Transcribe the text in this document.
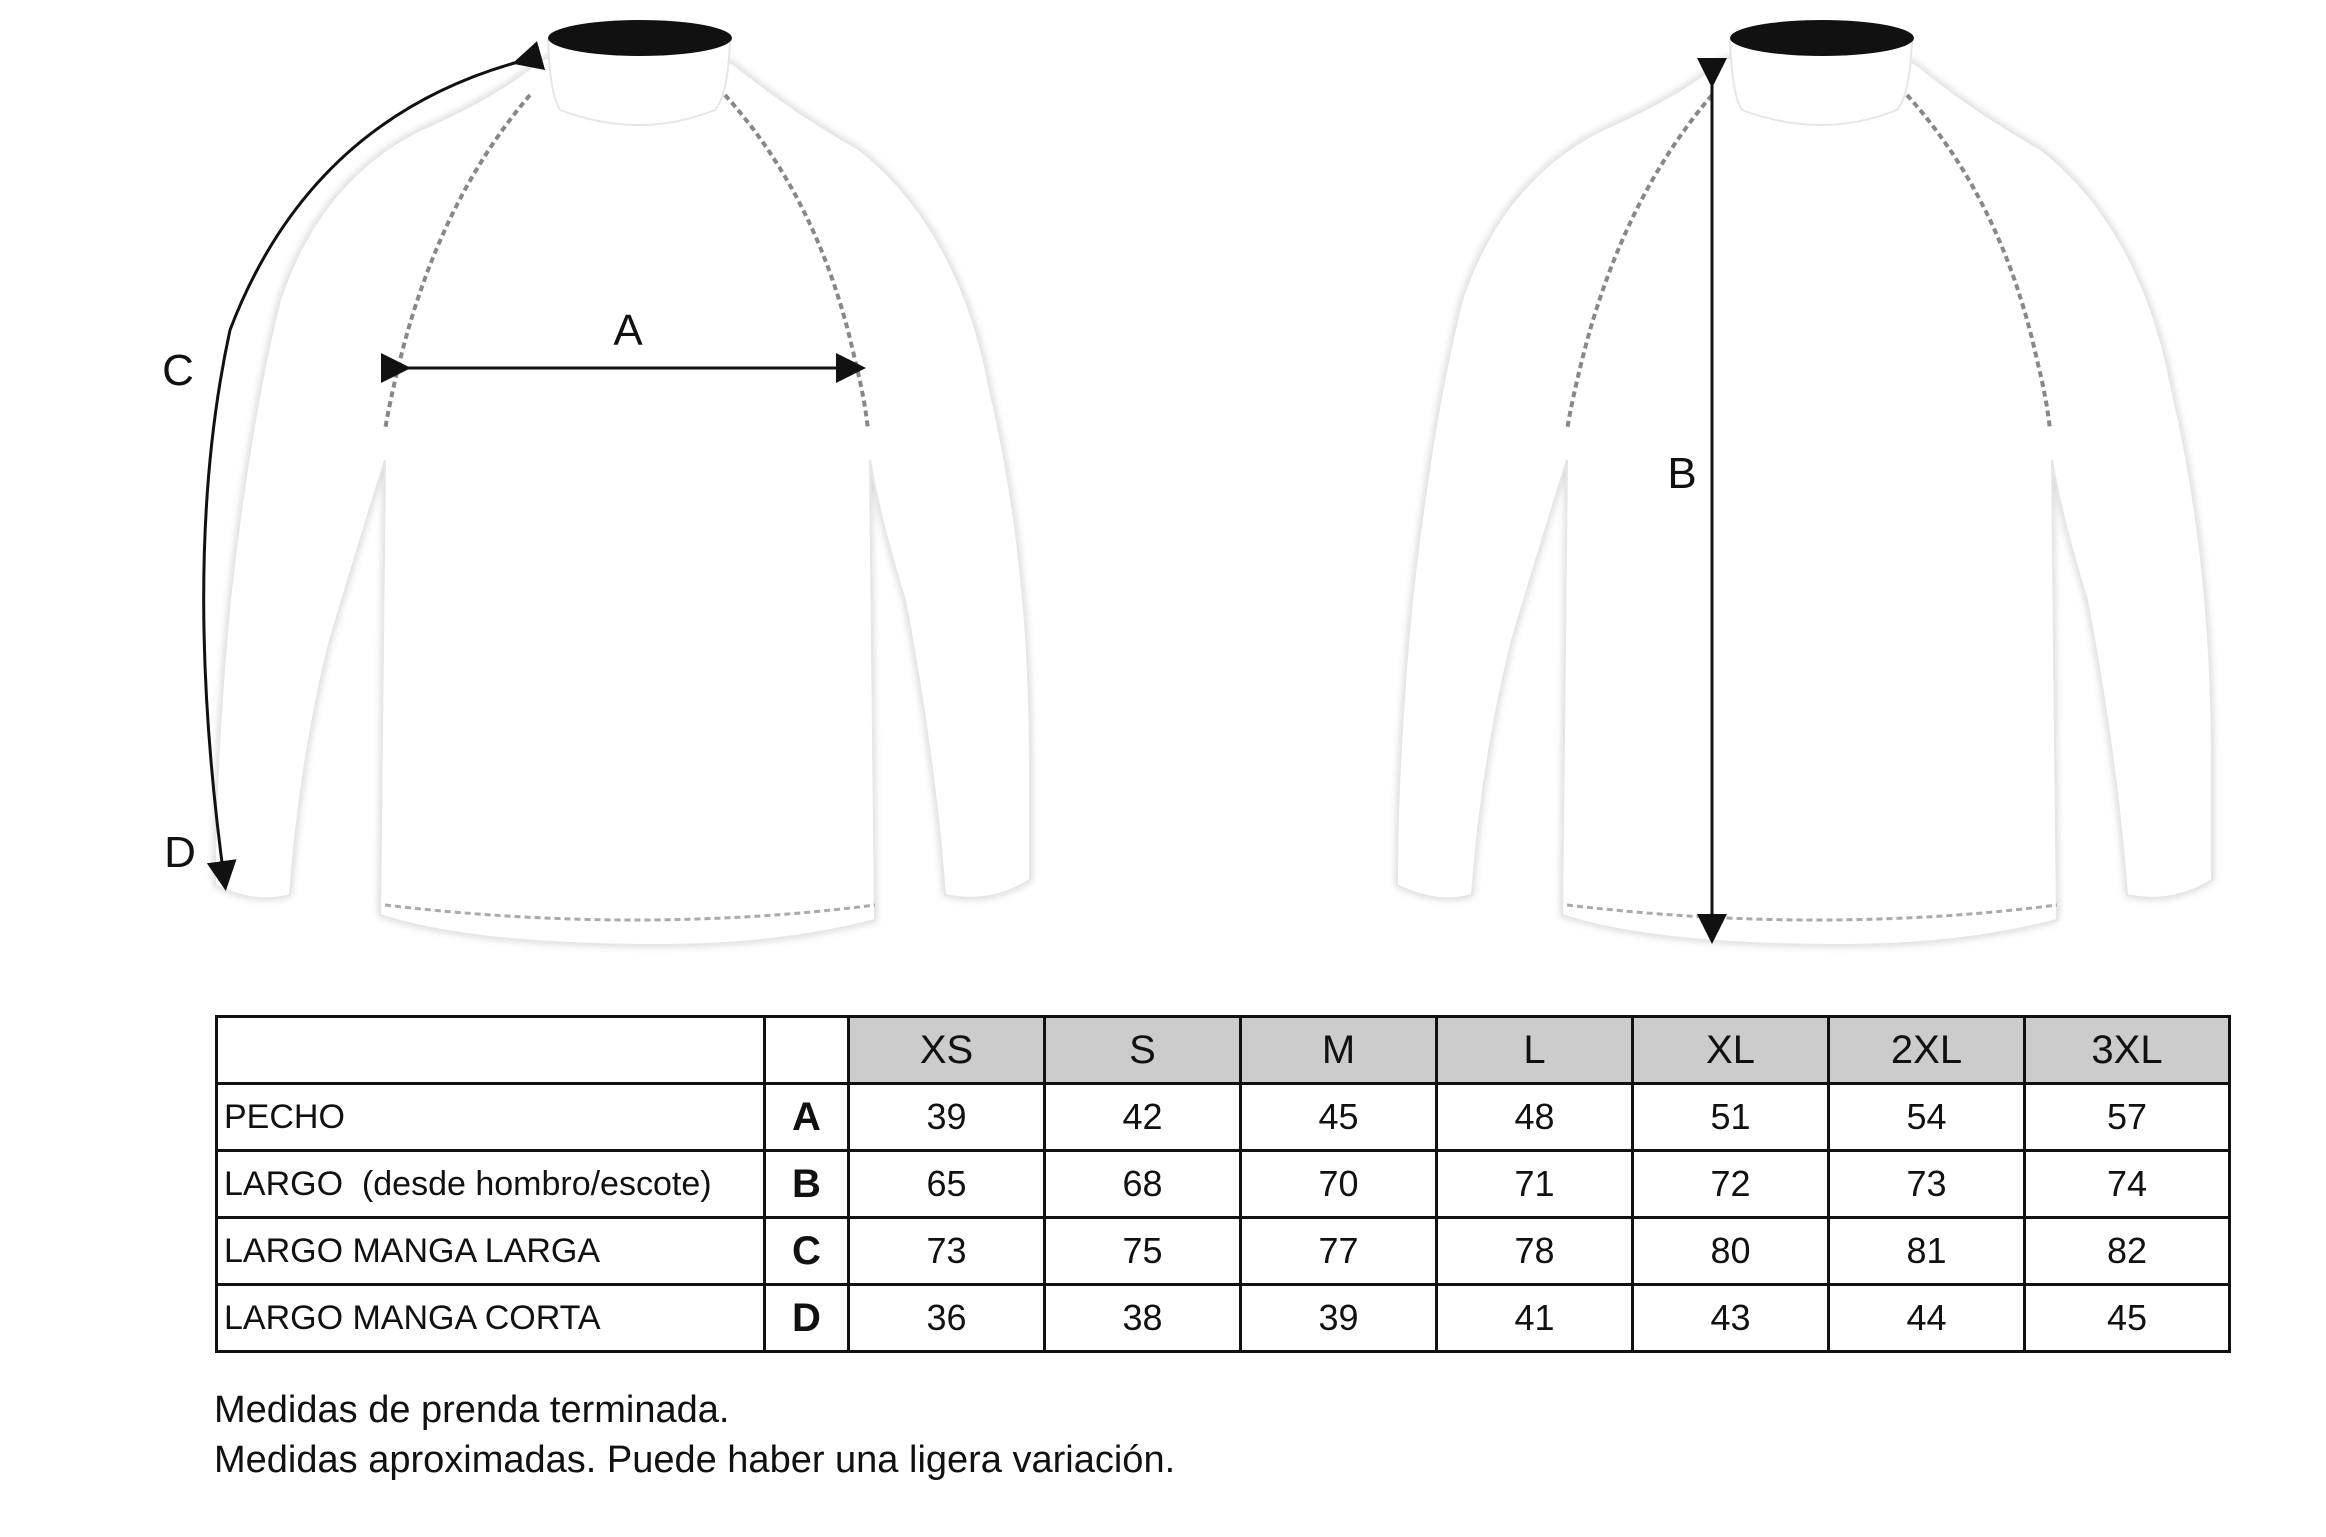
A
C
D
B
		XS	S	M	L	XL	2XL	3XL
PECHO	A	39	42	45	48	51	54	57
LARGO  (desde hombro/escote)	B	65	68	70	71	72	73	74
LARGO MANGA LARGA	C	73	75	77	78	80	81	82
LARGO MANGA CORTA	D	36	38	39	41	43	44	45
Medidas de prenda terminada.
Medidas aproximadas. Puede haber una ligera variación.
